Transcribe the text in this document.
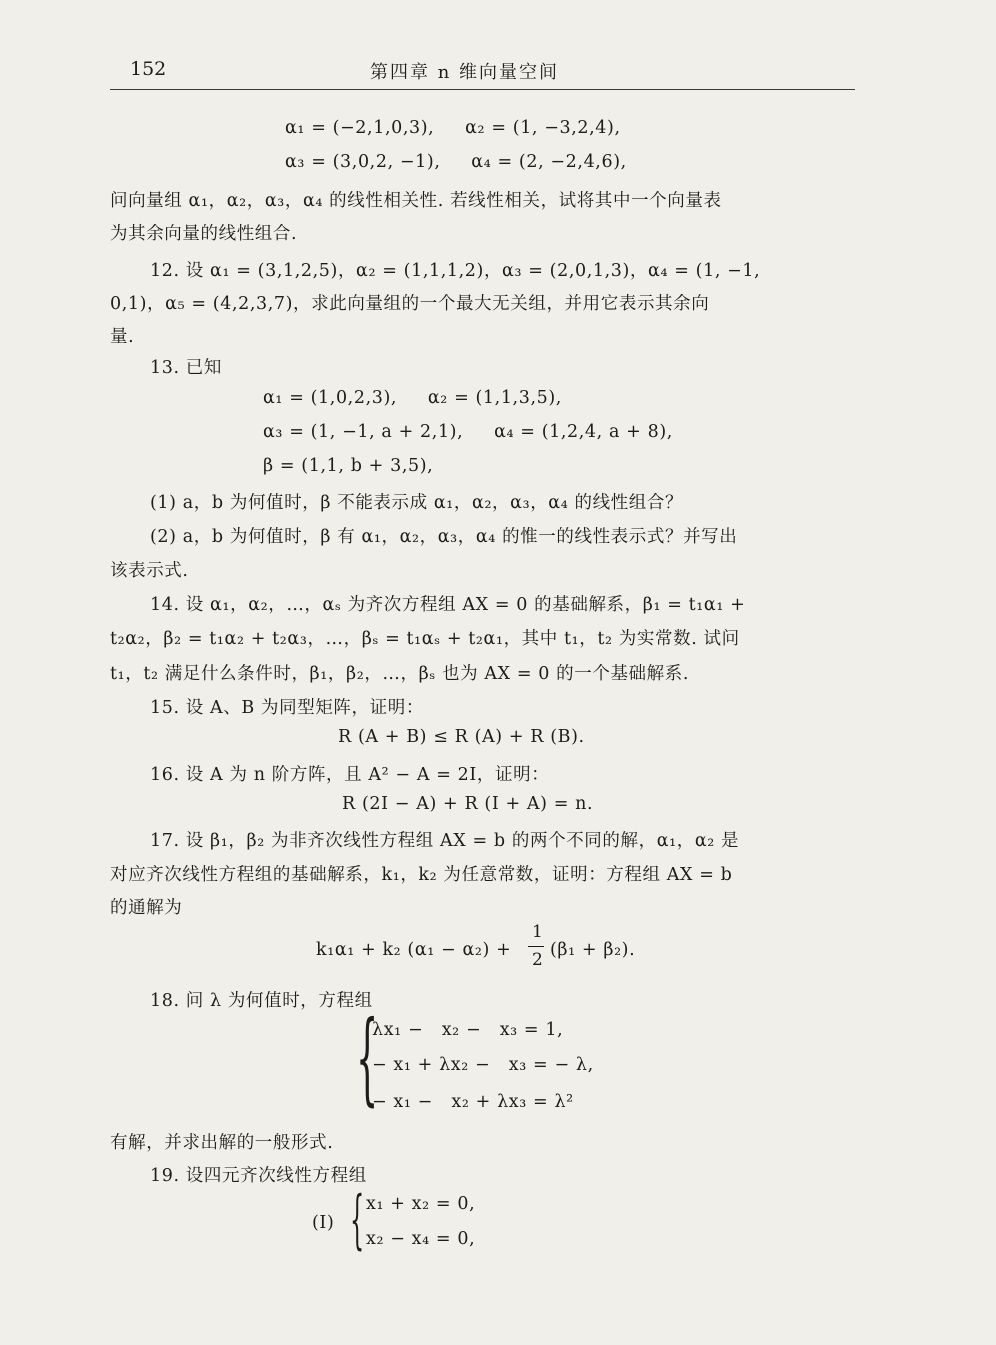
152	第四章 n 维向量空间
α₁ = (−2,1,0,3),     α₂ = (1, −3,2,4),
α₃ = (3,0,2, −1),     α₄ = (2, −2,4,6),
问向量组 α₁，α₂，α₃，α₄ 的线性相关性. 若线性相关，试将其中一个向量表
为其余向量的线性组合.
12. 设 α₁ = (3,1,2,5)，α₂ = (1,1,1,2)，α₃ = (2,0,1,3)，α₄ = (1, −1,
0,1)，α₅ = (4,2,3,7)，求此向量组的一个最大无关组，并用它表示其余向
量.
13. 已知
α₁ = (1,0,2,3),     α₂ = (1,1,3,5),
α₃ = (1, −1, a + 2,1),     α₄ = (1,2,4, a + 8),
β = (1,1, b + 3,5),
(1) a，b 为何值时，β 不能表示成 α₁，α₂，α₃，α₄ 的线性组合？
(2) a，b 为何值时，β 有 α₁，α₂，α₃，α₄ 的惟一的线性表示式？并写出
该表示式.
14. 设 α₁，α₂，…，αₛ 为齐次方程组 AX = 0 的基础解系，β₁ = t₁α₁ +
t₂α₂，β₂ = t₁α₂ + t₂α₃，…，βₛ = t₁αₛ + t₂α₁，其中 t₁，t₂ 为实常数. 试问
t₁，t₂ 满足什么条件时，β₁，β₂，…，βₛ 也为 AX = 0 的一个基础解系.
15. 设 A、B 为同型矩阵，证明：
R (A + B) ≤ R (A) + R (B).
16. 设 A 为 n 阶方阵，且 A² − A = 2I，证明：
R (2I − A) + R (I + A) = n.
17. 设 β₁，β₂ 为非齐次线性方程组 AX = b 的两个不同的解，α₁，α₂ 是
对应齐次线性方程组的基础解系，k₁，k₂ 为任意常数，证明：方程组 AX = b
的通解为
k₁α₁ + k₂ (α₁ − α₂) +
1
2 (β₁ + β₂).
18. 问 λ 为何值时，方程组
{
λx₁ −   x₂ −   x₃ = 1,
− x₁ + λx₂ −   x₃ = − λ,
− x₁ −   x₂ + λx₃ = λ²
有解，并求出解的一般形式.
19. 设四元齐次线性方程组
(Ⅰ) { x₁ + x₂ = 0,
x₂ − x₄ = 0,
